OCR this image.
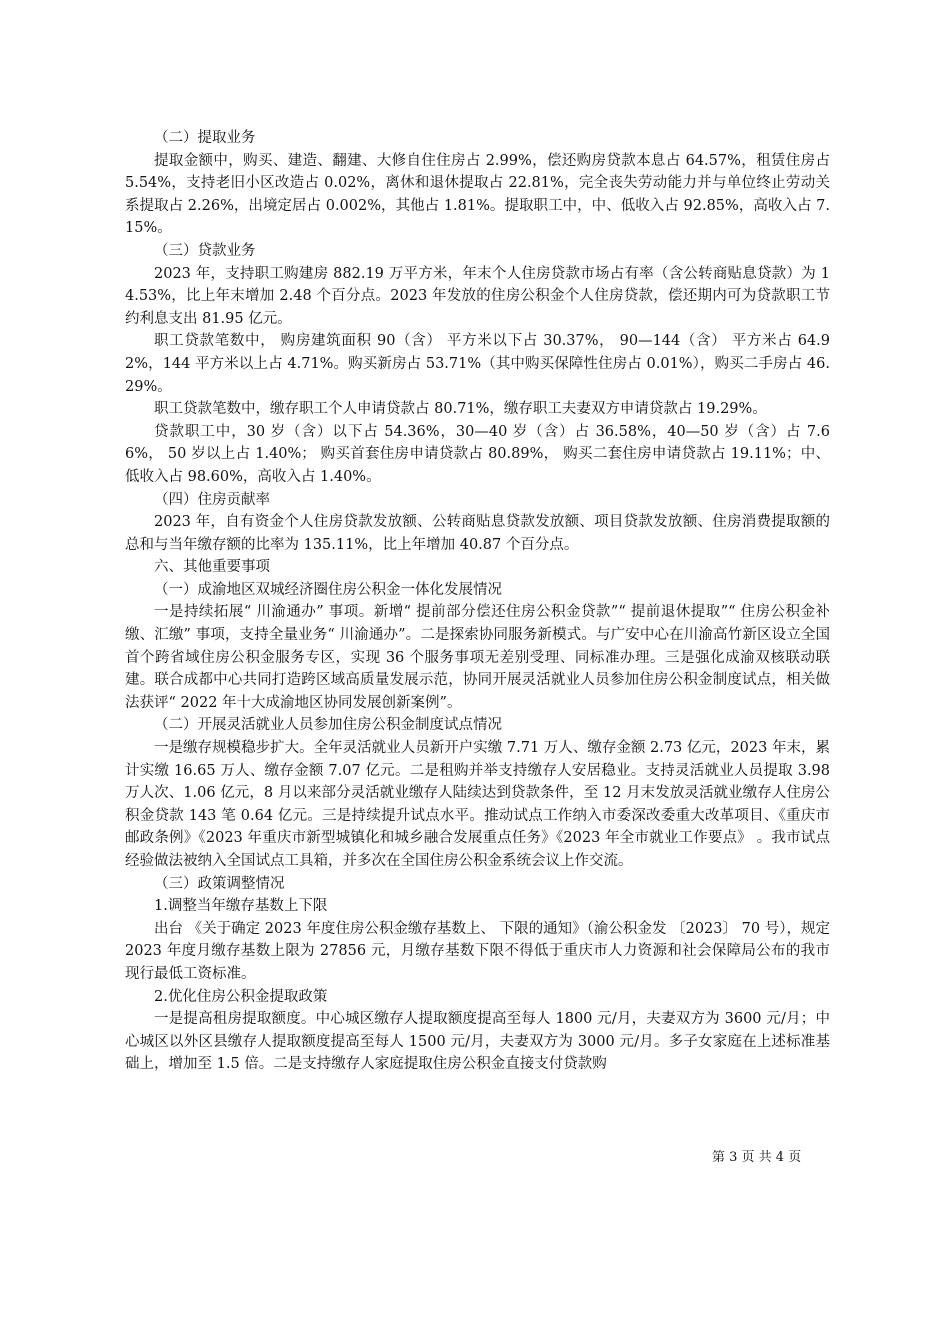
（二）提取业务

提取金额中，购买、建造、翻建、大修自住住房占 2.99%，偿还购房贷款本息占 64.57%，租赁住房占 5.54%，支持老旧小区改造占 0.02%，离休和退休提取占 22.81%，完全丧失劳动能力并与单位终止劳动关系提取占 2.26%，出境定居占 0.002%，其他占 1.81%。提取职工中，中、低收入占 92.85%，高收入占 7.15%。

（三）贷款业务

2023 年，支持职工购建房 882.19 万平方米，年末个人住房贷款市场占有率（含公转商贴息贷款）为 14.53%，比上年末增加 2.48 个百分点。2023 年发放的住房公积金个人住房贷款，偿还期内可为贷款职工节约利息支出 81.95 亿元。

职工贷款笔数中， 购房建筑面积 90（含） 平方米以下占 30.37%， 90—144（含） 平方米占 64.92%，144 平方米以上占 4.71%。购买新房占 53.71%（其中购买保障性住房占 0.01%），购买二手房占 46.29%。

职工贷款笔数中，缴存职工个人申请贷款占 80.71%，缴存职工夫妻双方申请贷款占 19.29%。

贷款职工中，30 岁（含）以下占 54.36%，30—40 岁（含）占 36.58%，40—50 岁（含）占 7.66%， 50 岁以上占 1.40%； 购买首套住房申请贷款占 80.89%， 购买二套住房申请贷款占 19.11%；中、低收入占 98.60%，高收入占 1.40%。

（四）住房贡献率

2023 年，自有资金个人住房贷款发放额、公转商贴息贷款发放额、项目贷款发放额、住房消费提取额的总和与当年缴存额的比率为 135.11%，比上年增加 40.87 个百分点。

六、其他重要事项

（一）成渝地区双城经济圈住房公积金一体化发展情况

一是持续拓展“ 川渝通办” 事项。新增“ 提前部分偿还住房公积金贷款”“ 提前退休提取”“ 住房公积金补缴、汇缴” 事项，支持全量业务“ 川渝通办”。二是探索协同服务新模式。与广安中心在川渝高竹新区设立全国首个跨省域住房公积金服务专区，实现 36 个服务事项无差别受理、同标准办理。三是强化成渝双核联动联建。联合成都中心共同打造跨区域高质量发展示范，协同开展灵活就业人员参加住房公积金制度试点，相关做法获评“ 2022 年十大成渝地区协同发展创新案例”。

（二）开展灵活就业人员参加住房公积金制度试点情况

一是缴存规模稳步扩大。全年灵活就业人员新开户实缴 7.71 万人、缴存金额 2.73 亿元，2023 年末，累计实缴 16.65 万人、缴存金额 7.07 亿元。二是租购并举支持缴存人安居稳业。支持灵活就业人员提取 3.98 万人次、1.06 亿元，8 月以来部分灵活就业缴存人陆续达到贷款条件，至 12 月末发放灵活就业缴存人住房公积金贷款 143 笔 0.64 亿元。三是持续提升试点水平。推动试点工作纳入市委深改委重大改革项目、《重庆市邮政条例》《2023 年重庆市新型城镇化和城乡融合发展重点任务》《2023 年全市就业工作要点》 。我市试点经验做法被纳入全国试点工具箱，并多次在全国住房公积金系统会议上作交流。

（三）政策调整情况

1.调整当年缴存基数上下限

出台 《关于确定 2023 年度住房公积金缴存基数上、 下限的通知》（渝公积金发 〔2023〕 70 号），规定 2023 年度月缴存基数上限为 27856 元，月缴存基数下限不得低于重庆市人力资源和社会保障局公布的我市现行最低工资标准。

2.优化住房公积金提取政策

一是提高租房提取额度。中心城区缴存人提取额度提高至每人 1800 元/月，夫妻双方为 3600 元/月；中心城区以外区县缴存人提取额度提高至每人 1500 元/月，夫妻双方为 3000 元/月。多子女家庭在上述标准基础上，增加至 1.5 倍。二是支持缴存人家庭提取住房公积金直接支付贷款购

第 3 页 共 4 页
